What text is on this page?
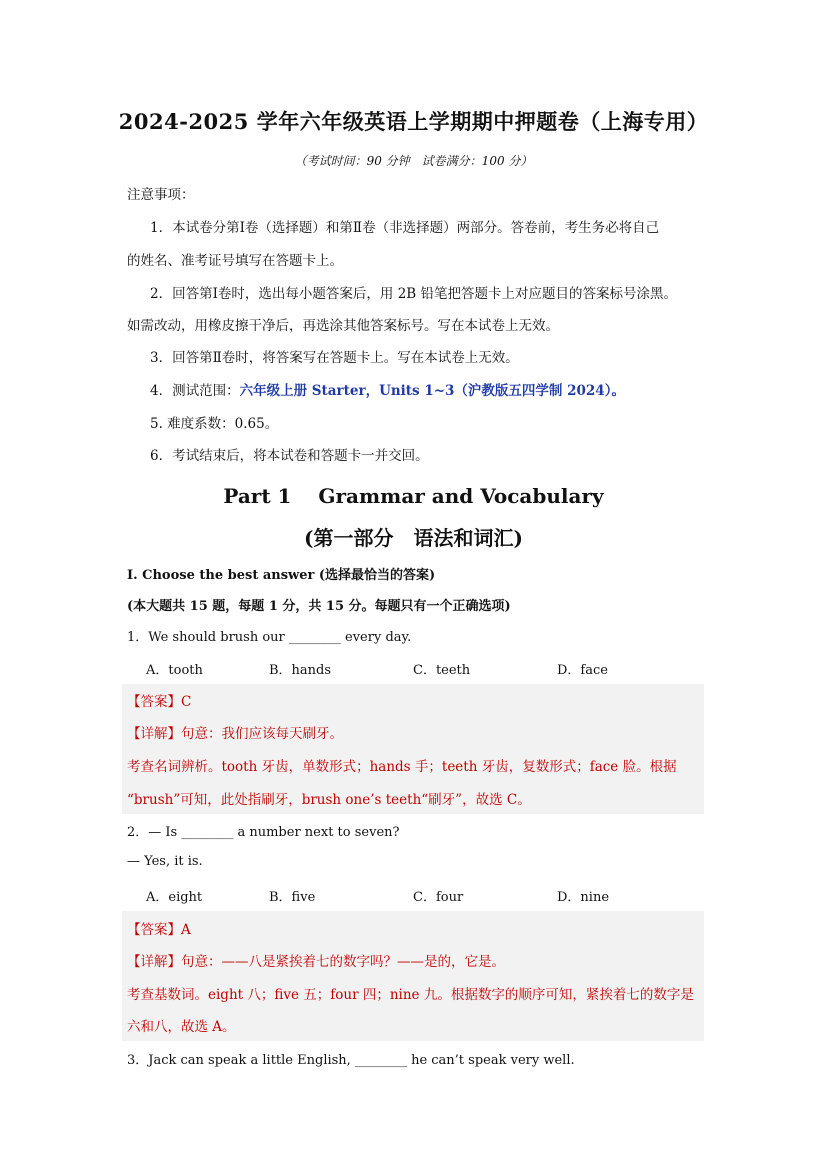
2024-2025 学年六年级英语上学期期中押题卷（上海专用）
（考试时间：90 分钟　试卷满分：100 分）
注意事项：
1．本试卷分第Ⅰ卷（选择题）和第Ⅱ卷（非选择题）两部分。答卷前，考生务必将自己
的姓名、准考证号填写在答题卡上。
2．回答第Ⅰ卷时，选出每小题答案后，用 2B 铅笔把答题卡上对应题目的答案标号涂黑。
如需改动，用橡皮擦干净后，再选涂其他答案标号。写在本试卷上无效。
3．回答第Ⅱ卷时，将答案写在答题卡上。写在本试卷上无效。
4．测试范围：六年级上册 Starter，Units 1~3（沪教版五四学制 2024）。
5. 难度系数：0.65。
6．考试结束后，将本试卷和答题卡一并交回。
Part 1　 Grammar and Vocabulary
(第一部分　语法和词汇)
I. Choose the best answer (选择最恰当的答案)
(本大题共 15 题，每题 1 分，共 15 分。每题只有一个正确选项)
1．We should brush our ________ every day.
A．tooth	B．hands	C．teeth	D．face
【答案】C
【详解】句意：我们应该每天刷牙。
考查名词辨析。tooth 牙齿，单数形式；hands 手；teeth 牙齿，复数形式；face 脸。根据
“brush”可知，此处指刷牙，brush one’s teeth“刷牙”，故选 C。
2．— Is ________ a number next to seven?
— Yes, it is.
A．eight	B．five	C．four	D．nine
【答案】A
【详解】句意：——八是紧挨着七的数字吗？——是的，它是。
考查基数词。eight 八；five 五；four 四；nine 九。根据数字的顺序可知，紧挨着七的数字是
六和八，故选 A。
3．Jack can speak a little English, ________ he can’t speak very well.
